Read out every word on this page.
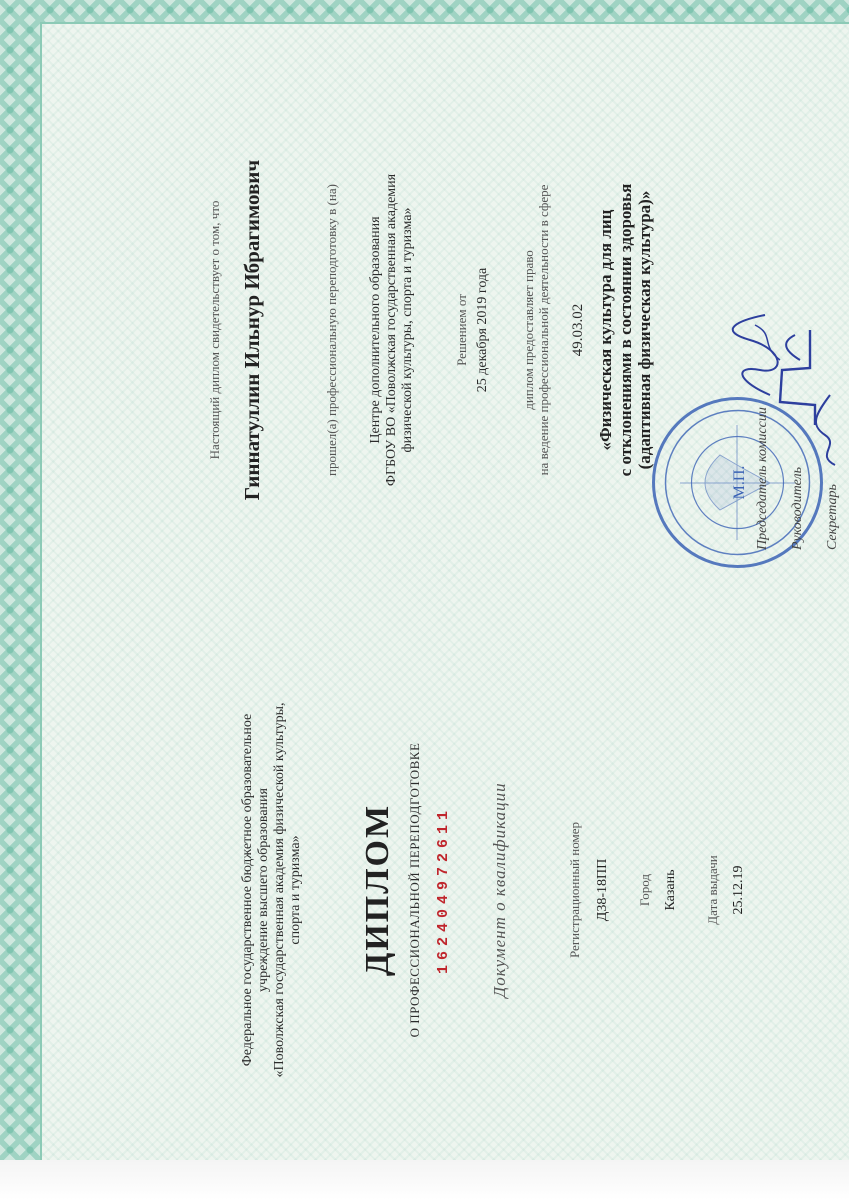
Федеральное государственное бюджетное образовательное учреждение высшего образования «Поволжская государственная академия физической культуры, спорта и туризма» ДИПЛОМ О ПРОФЕССИОНАЛЬНОЙ ПЕРЕПОДГОТОВКЕ 162404972611 Документ о квалификации	Регистрационный номер Д38-18ПП Город Казань Дата выдачи 25.12.19
Настоящий диплом свидетельствует о том, что Гиннатуллин Ильнур Ибрагимович	прошел(а) профессиональную переподготовку в (на) Центре дополнительного образования ФГБОУ ВО «Поволжская государственная академия физической культуры, спорта и туризма»	Решением от 25 декабря 2019 года диплом предоставляет право на ведение профессиональной деятельности в сфере 49.03.02 «Физическая культура для лиц с отклонениями в состоянии здоровья (адаптивная физическая культура)»
М.П. Председатель комиссии Руководитель Секретарь
